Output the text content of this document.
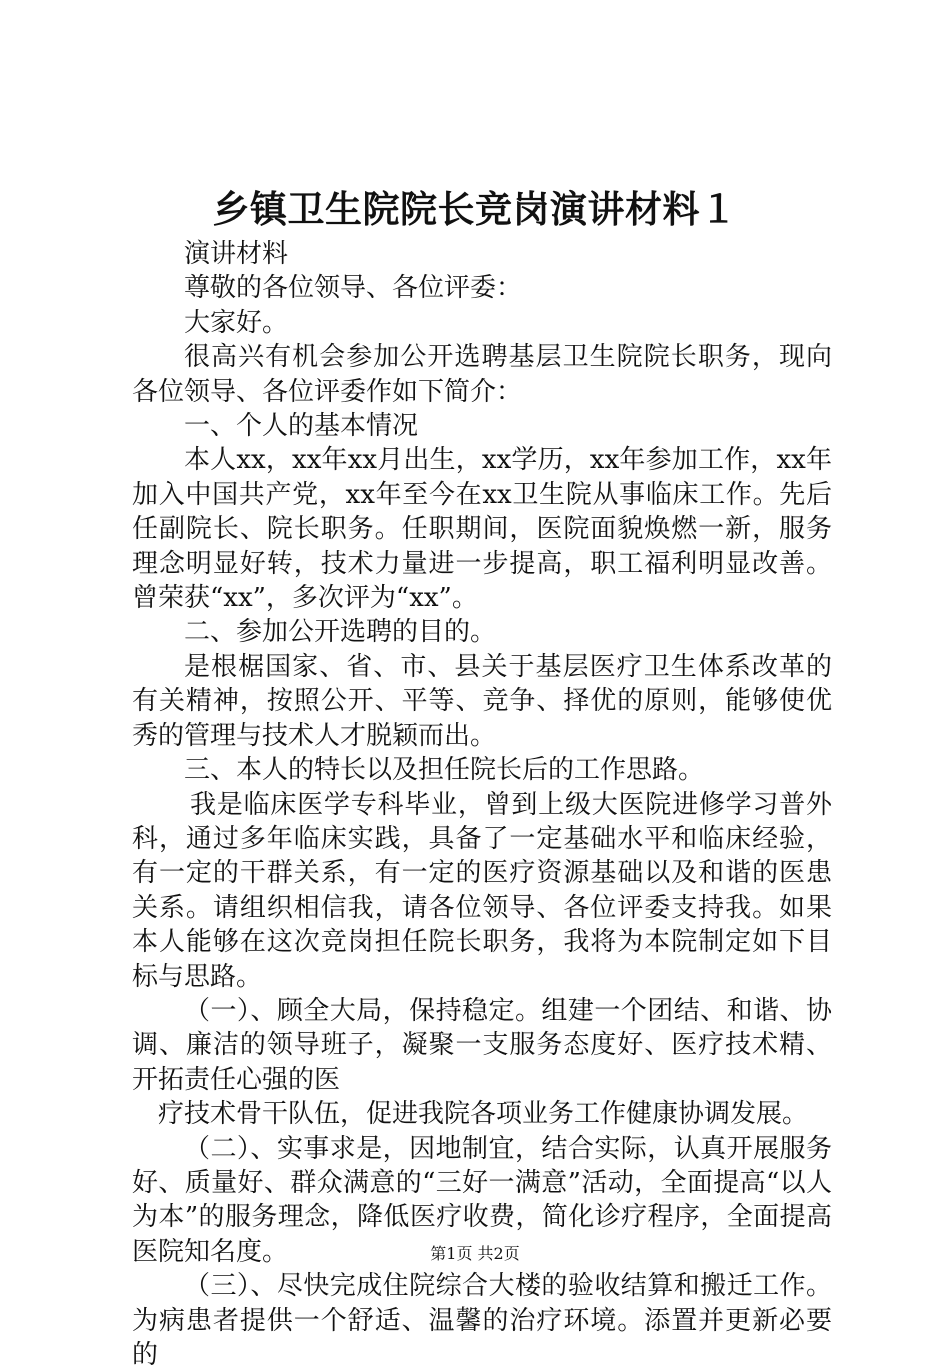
乡镇卫生院院长竞岗演讲材料１

演讲材料

尊敬的各位领导、各位评委：

大家好。

很高兴有机会参加公开选聘基层卫生院院长职务，现向各位领导、各位评委作如下简介：

一、个人的基本情况

本人xx，xx年xx月出生，xx学历，xx年参加工作，xx年加入中国共产党，xx年至今在xx卫生院从事临床工作。先后任副院长、院长职务。任职期间，医院面貌焕燃一新，服务理念明显好转，技术力量进一步提高，职工福利明显改善。曾荣获“xx”，多次评为“xx”。

二、参加公开选聘的目的。

是根椐国家、省、市、县关于基层医疗卫生体系改革的有关精神，按照公开、平等、竞争、择优的原则，能够使优秀的管理与技术人才脱颖而出。

三、本人的特长以及担任院长后的工作思路。

我是临床医学专科毕业，曾到上级大医院进修学习普外科，通过多年临床实践，具备了一定基础水平和临床经验，有一定的干群关系，有一定的医疗资源基础以及和谐的医患关系。请组织相信我，请各位领导、各位评委支持我。如果本人能够在这次竞岗担任院长职务，我将为本院制定如下目标与思路。

（一）、顾全大局，保持稳定。组建一个团结、和谐、协调、廉洁的领导班子，凝聚一支服务态度好、医疗技术精、开拓责任心强的医

疗技术骨干队伍，促进我院各项业务工作健康协调发展。

（二）、实事求是，因地制宜，结合实际，认真开展服务好、质量好、群众满意的“三好一满意”活动，全面提高“以人为本”的服务理念，降低医疗收费，简化诊疗程序，全面提高医院知名度。

（三）、尽快完成住院综合大楼的验收结算和搬迁工作。为病患者提供一个舒适、温馨的治疗环境。添置并更新必要的

第1页 共2页
